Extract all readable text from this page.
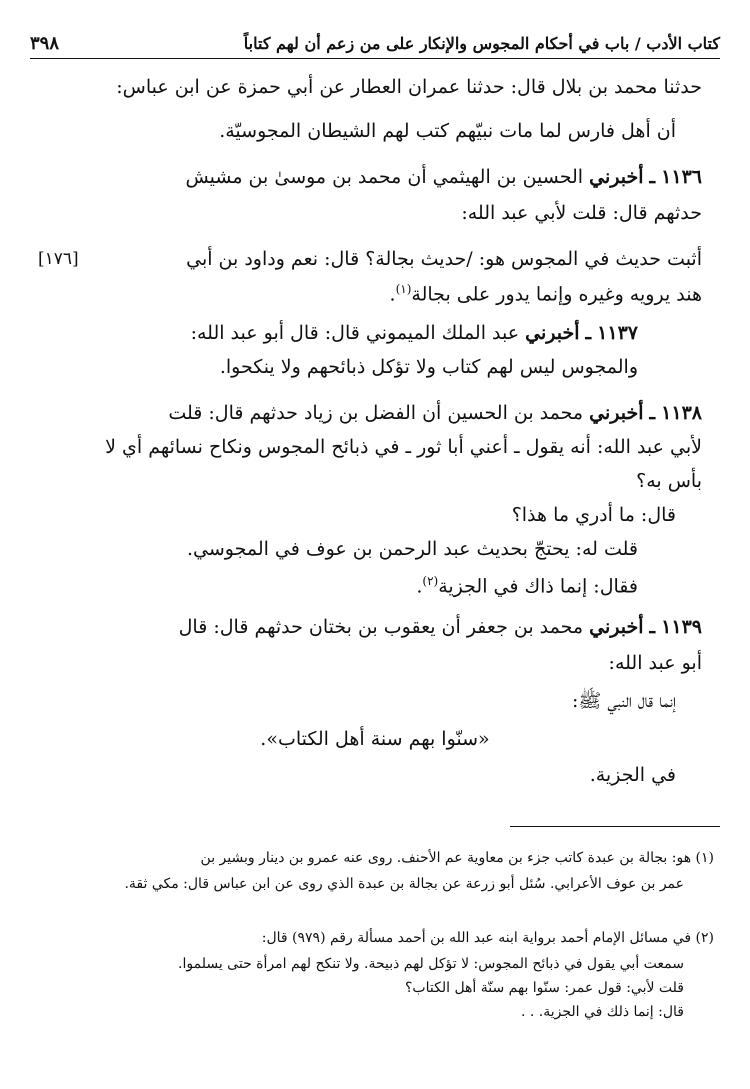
كتاب الأدب / باب في أحكام المجوس والإنكار على من زعم أن لهم كتاباً
٣٩٨
حدثنا محمد بن بلال قال: حدثنا عمران العطار عن أبي حمزة عن ابن عباس:
أن أهل فارس لما مات نبيّهم كتب لهم الشيطان المجوسيّة.
١١٣٦ ـ أخبرني الحسين بن الهيثمي أن محمد بن موسىٰ بن مشيش
حدثهم قال: قلت لأبي عبد الله:
[١٧٦]	أثبت حديث في المجوس هو: /حديث بجالة؟ قال: نعم وداود بن أبي
هند يرويه وغيره وإنما يدور على بجالة$^{(١)}$.
١١٣٧ ـ أخبرني عبد الملك الميموني قال: قال أبو عبد الله:
والمجوس ليس لهم كتاب ولا تؤكل ذبائحهم ولا ينكحوا.
١١٣٨ ـ أخبرني محمد بن الحسين أن الفضل بن زياد حدثهم قال: قلت
لأبي عبد الله: أنه يقول ـ أعني أبا ثور ـ في ذبائح المجوس ونكاح نسائهم أي لا
بأس به؟
قال: ما أدري ما هذا؟
قلت له: يحتجّ بحديث عبد الرحمن بن عوف في المجوسي.
فقال: إنما ذاك في الجزية$^{(٢)}$.
١١٣٩ ـ أخبرني محمد بن جعفر أن يعقوب بن بختان حدثهم قال: قال
أبو عبد الله:
إنما قال النبي ﷺ:
«سنّوا بهم سنة أهل الكتاب».
في الجزية.
(١) هو: بجالة بن عبدة كاتب جزء بن معاوية عم الأحنف. روى عنه عمرو بن دينار وبشير بن
عمر بن عوف الأعرابي. سُئل أبو زرعة عن بجالة بن عبدة الذي روى عن ابن عباس قال: مكي ثقة.
(٢) في مسائل الإمام أحمد برواية ابنه عبد الله بن أحمد مسألة رقم (٩٧٩) قال:
سمعت أبي يقول في ذبائح المجوس: لا تؤكل لهم ذبيحة. ولا تنكح لهم امرأة حتى يسلموا.
قلت لأبي: قول عمر: سنّوا بهم سنّة أهل الكتاب؟
قال: إنما ذلك في الجزية. . .
